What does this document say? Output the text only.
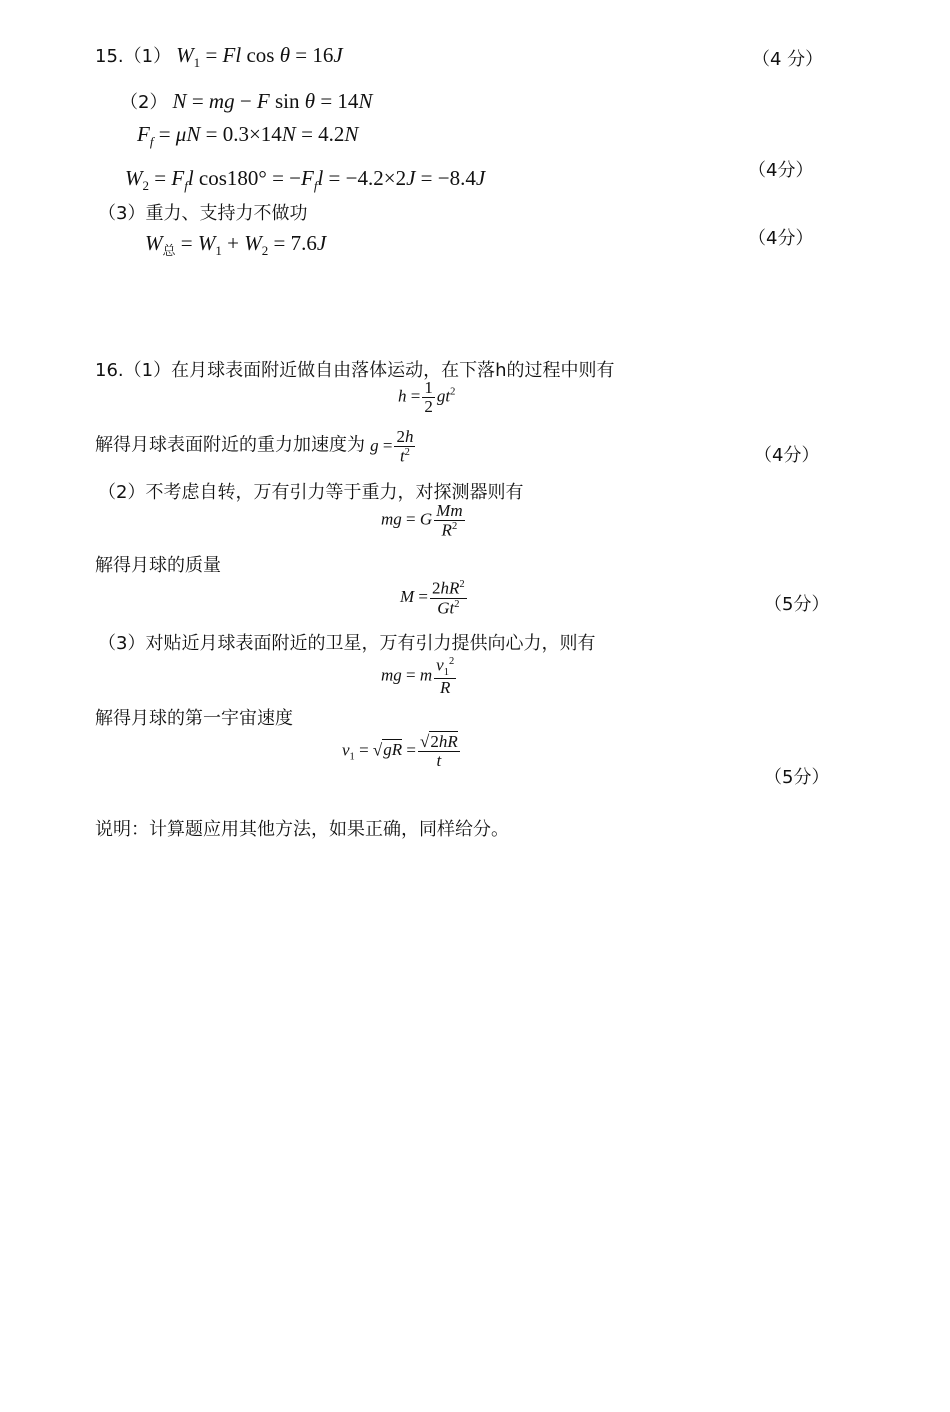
15.（1） $W_1 = Fl$ cos θ = 16J	（4 分）
（2） N = mg − F sin θ = 14N
$F_f = \mu N = 0.3\times 14N = 4.2N$
$W_2 = F_fl$ $\cos 180^\circ = -F_fl = -4.2\times 2J = -8.4J$	（4分）
（3）重力、支持力不做功
$W_总 = W_1 + W_2 = 7.6J$	（4分）
16.（1）在月球表面附近做自由落体运动，在下落h的过程中则有
$h = \frac{1}{2} gt^2$
解得月球表面附近的重力加速度为 $g = \frac{2h}{t^2}$	（4分）
（2）不考虑自转，万有引力等于重力，对探测器则有
mg = G $\frac{Mm}{R^2}$
解得月球的质量
$M = \frac{2hR^2}{Gt^2}$	（5分）
（3）对贴近月球表面附近的卫星，万有引力提供向心力，则有
mg = m $\frac{v_1^2}{R}$
解得月球的第一宇宙速度
$v_1 = √gR = \frac{√2hR}{t}$
（5分）
说明：计算题应用其他方法，如果正确，同样给分。
